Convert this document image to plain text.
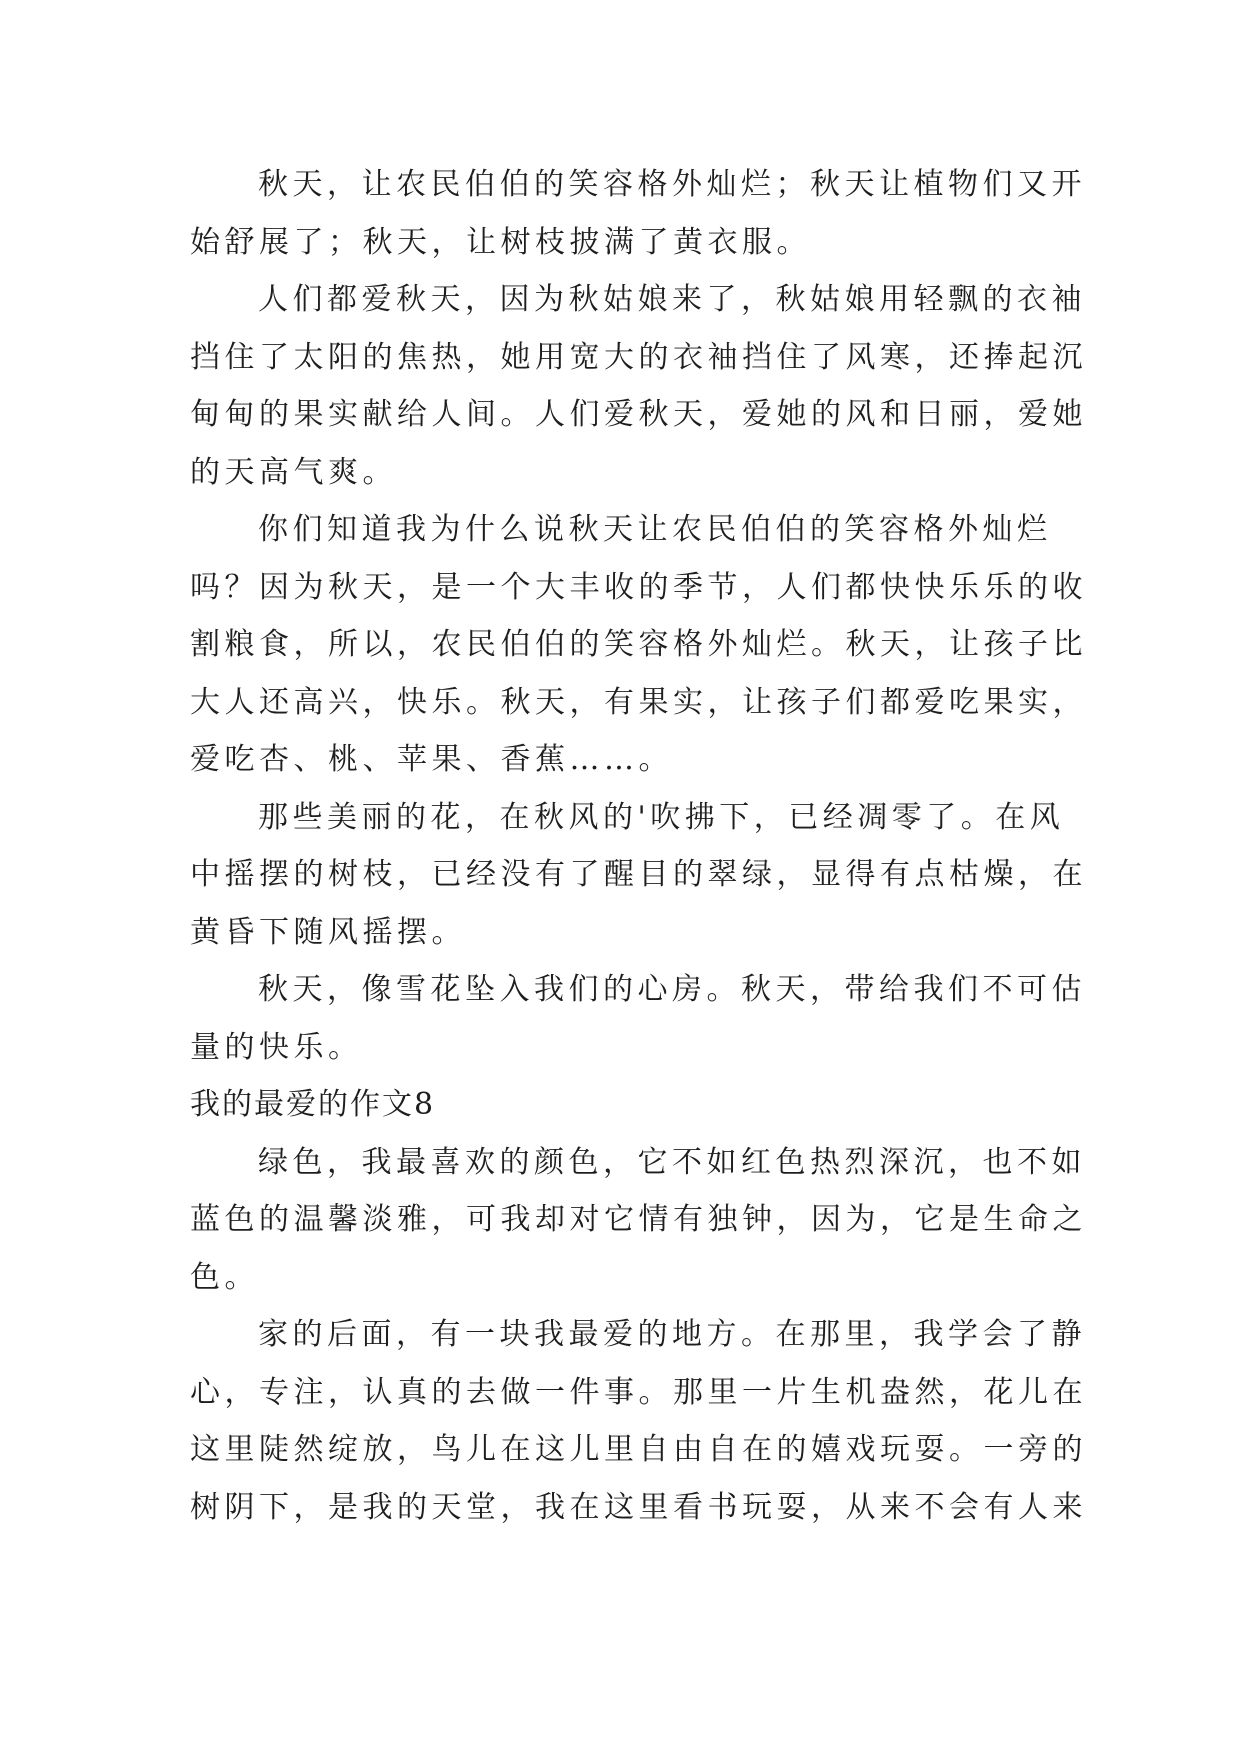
秋天，让农民伯伯的笑容格外灿烂；秋天让植物们又开
始舒展了；秋天，让树枝披满了黄衣服。
人们都爱秋天，因为秋姑娘来了，秋姑娘用轻飘的衣袖
挡住了太阳的焦热，她用宽大的衣袖挡住了风寒，还捧起沉
甸甸的果实献给人间。人们爱秋天，爱她的风和日丽，爱她
的天高气爽。
你们知道我为什么说秋天让农民伯伯的笑容格外灿烂
吗？因为秋天，是一个大丰收的季节，人们都快快乐乐的收
割粮食，所以，农民伯伯的笑容格外灿烂。秋天，让孩子比
大人还高兴，快乐。秋天，有果实，让孩子们都爱吃果实，
爱吃杏、桃、苹果、香蕉……。
那些美丽的花，在秋风的'吹拂下，已经凋零了。在风
中摇摆的树枝，已经没有了醒目的翠绿，显得有点枯燥，在
黄昏下随风摇摆。
秋天，像雪花坠入我们的心房。秋天，带给我们不可估
量的快乐。
我的最爱的作文8
绿色，我最喜欢的颜色，它不如红色热烈深沉，也不如
蓝色的温馨淡雅，可我却对它情有独钟，因为，它是生命之
色。
家的后面，有一块我最爱的地方。在那里，我学会了静
心，专注，认真的去做一件事。那里一片生机盎然，花儿在
这里陡然绽放，鸟儿在这儿里自由自在的嬉戏玩耍。一旁的
树阴下，是我的天堂，我在这里看书玩耍，从来不会有人来
